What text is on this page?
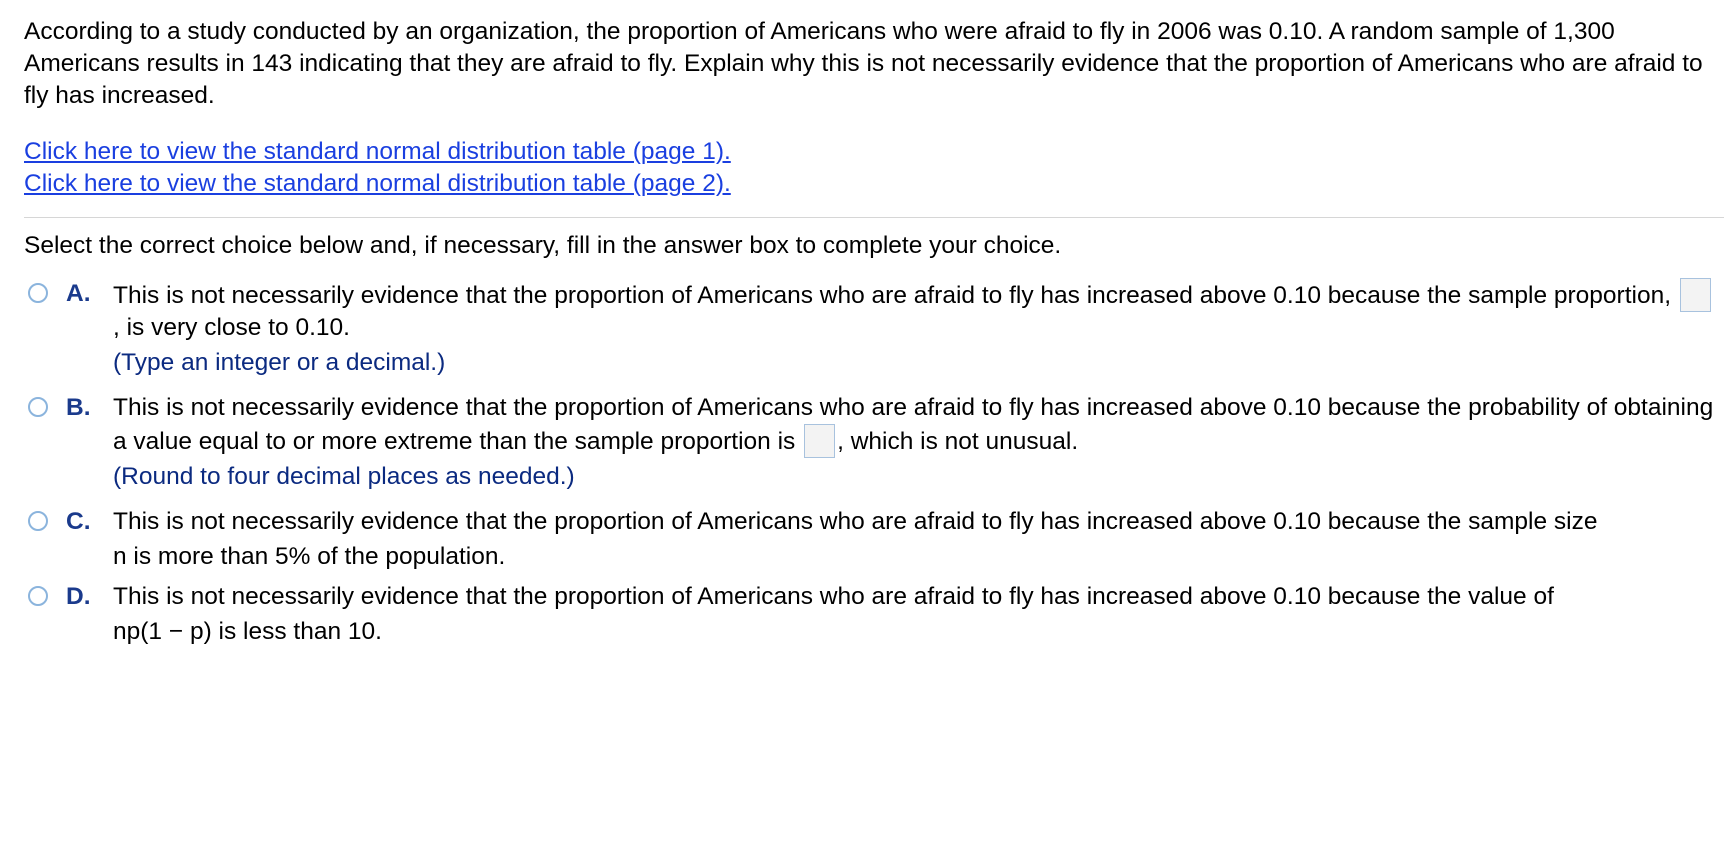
According to a study conducted by an organization, the proportion of Americans who were afraid to fly in 2006 was 0.10. A random sample of 1,300 Americans results in 143 indicating that they are afraid to fly. Explain why this is not necessarily evidence that the proportion of Americans who are afraid to fly has increased.
Click here to view the standard normal distribution table (page 1).
Click here to view the standard normal distribution table (page 2).
Select the correct choice below and, if necessary, fill in the answer box to complete your choice.
A. This is not necessarily evidence that the proportion of Americans who are afraid to fly has increased above 0.10 because the sample proportion, , is very close to 0.10.
(Type an integer or a decimal.)
B. This is not necessarily evidence that the proportion of Americans who are afraid to fly has increased above 0.10 because the probability of obtaining a value equal to or more extreme than the sample proportion is , which is not unusual.
(Round to four decimal places as needed.)
C. This is not necessarily evidence that the proportion of Americans who are afraid to fly has increased above 0.10 because the sample size
n is more than 5% of the population.
D. This is not necessarily evidence that the proportion of Americans who are afraid to fly has increased above 0.10 because the value of
np(1 − p) is less than 10.
